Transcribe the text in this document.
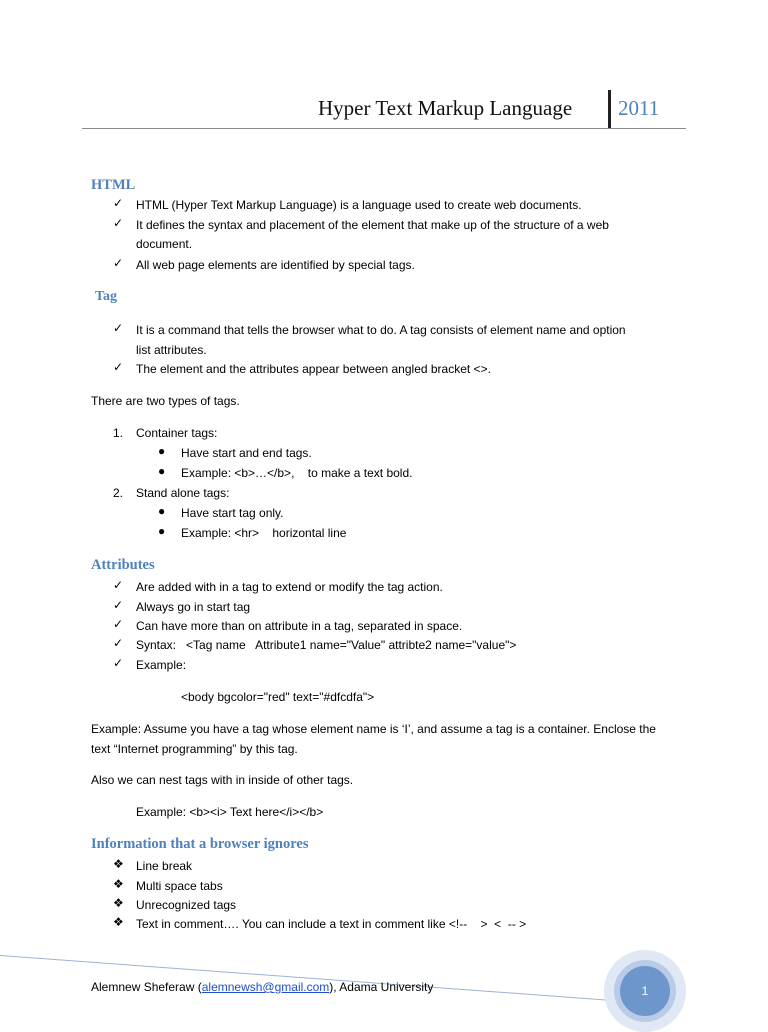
Hyper Text Markup Language 2011
HTML
✓ HTML (Hyper Text Markup Language) is a language used to create web documents.
✓ It defines the syntax and placement of the element that make up of the structure of a web
document.
✓ All web page elements are identified by special tags.
Tag
✓ It is a command that tells the browser what to do. A tag consists of element name and option
list attributes.
✓ The element and the attributes appear between angled bracket <>.
There are two types of tags.
1. Container tags:
● Have start and end tags.
● Example: <b>…</b>,    to make a text bold.
2. Stand alone tags:
● Have start tag only.
● Example: <hr>    horizontal line
Attributes
✓ Are added with in a tag to extend or modify the tag action.
✓ Always go in start tag
✓ Can have more than on attribute in a tag, separated in space.
✓ Syntax:   <Tag name   Attribute1 name="Value" attribte2 name="value">
✓ Example:
<body bgcolor="red" text="#dfcdfa">
Example: Assume you have a tag whose element name is ‘I’, and assume a tag is a container. Enclose the
text “Internet programming” by this tag.
Also we can nest tags with in inside of other tags.
Example: <b><i> Text here</i></b>
Information that a browser ignores
❖ Line break
❖ Multi space tabs
❖ Unrecognized tags
❖ Text in comment…. You can include a text in comment like <!--    >  <  -- >
Alemnew Sheferaw (alemnewsh@gmail.com), Adama University	1
